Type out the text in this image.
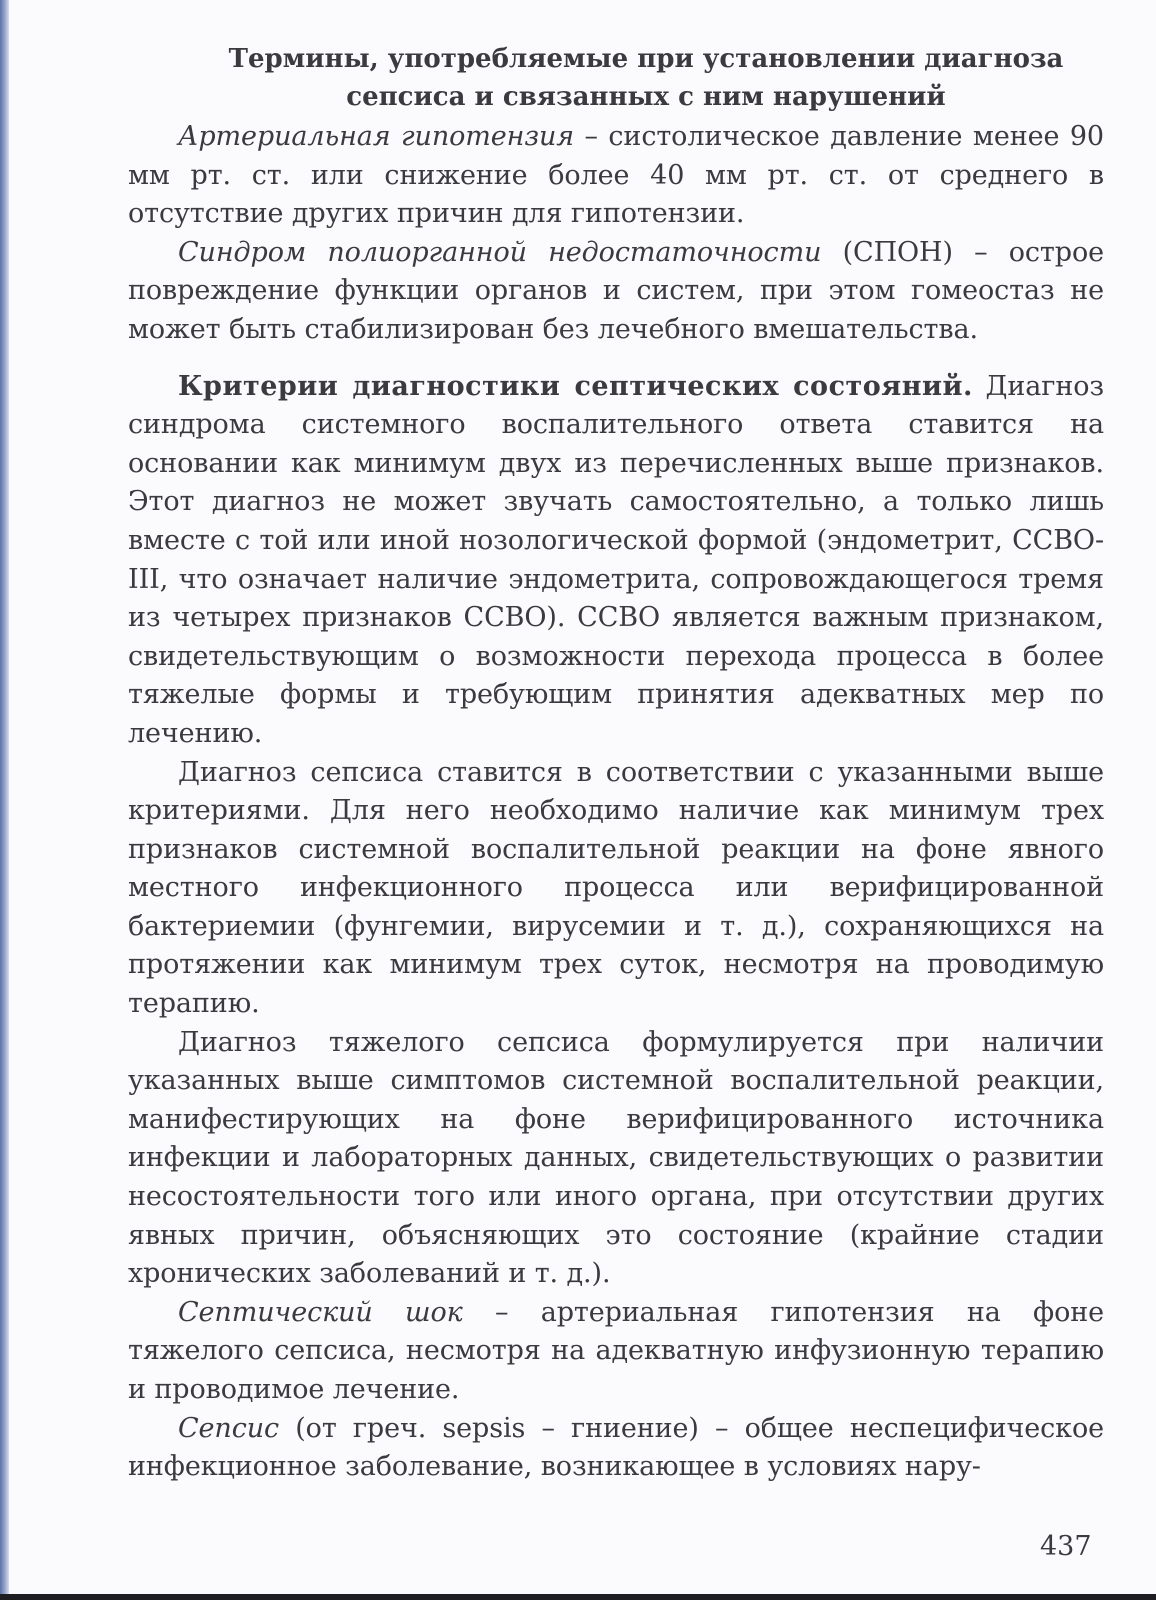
Термины, употребляемые при установлении диагноза
сепсиса и связанных с ним нарушений

Артериальная гипотензия – систолическое давление менее 90 мм рт. ст. или снижение более 40 мм рт. ст. от среднего в отсутствие других причин для гипотензии.

Синдром полиорганной недостаточности (СПОН) – острое повреждение функции органов и систем, при этом гомеостаз не может быть стабилизирован без лечебного вмешательства.

Критерии диагностики септических состояний. Диагноз синдрома системного воспалительного ответа ставится на основании как минимум двух из перечисленных выше признаков. Этот диагноз не может звучать самостоятельно, а только лишь вместе с той или иной нозологической формой (эндометрит, ССВО-III, что означает наличие эндометрита, сопровождающегося тремя из четырех признаков ССВО). ССВО является важным признаком, свидетельствующим о возможности перехода процесса в более тяжелые формы и требующим принятия адекватных мер по лечению.

Диагноз сепсиса ставится в соответствии с указанными выше критериями. Для него необходимо наличие как минимум трех признаков системной воспалительной реакции на фоне явного местного инфекционного процесса или верифицированной бактериемии (фунгемии, вирусемии и т. д.), сохраняющихся на протяжении как минимум трех суток, несмотря на проводимую терапию.

Диагноз тяжелого сепсиса формулируется при наличии указанных выше симптомов системной воспалительной реакции, манифестирующих на фоне верифицированного источника инфекции и лабораторных данных, свидетельствующих о развитии несостоятельности того или иного органа, при отсутствии других явных причин, объясняющих это состояние (крайние стадии хронических заболеваний и т. д.).

Септический шок – артериальная гипотензия на фоне тяжелого сепсиса, несмотря на адекватную инфузионную терапию и проводимое лечение.

Сепсис (от греч. sepsis – гниение) – общее неспецифическое инфекционное заболевание, возникающее в условиях нару-

437
